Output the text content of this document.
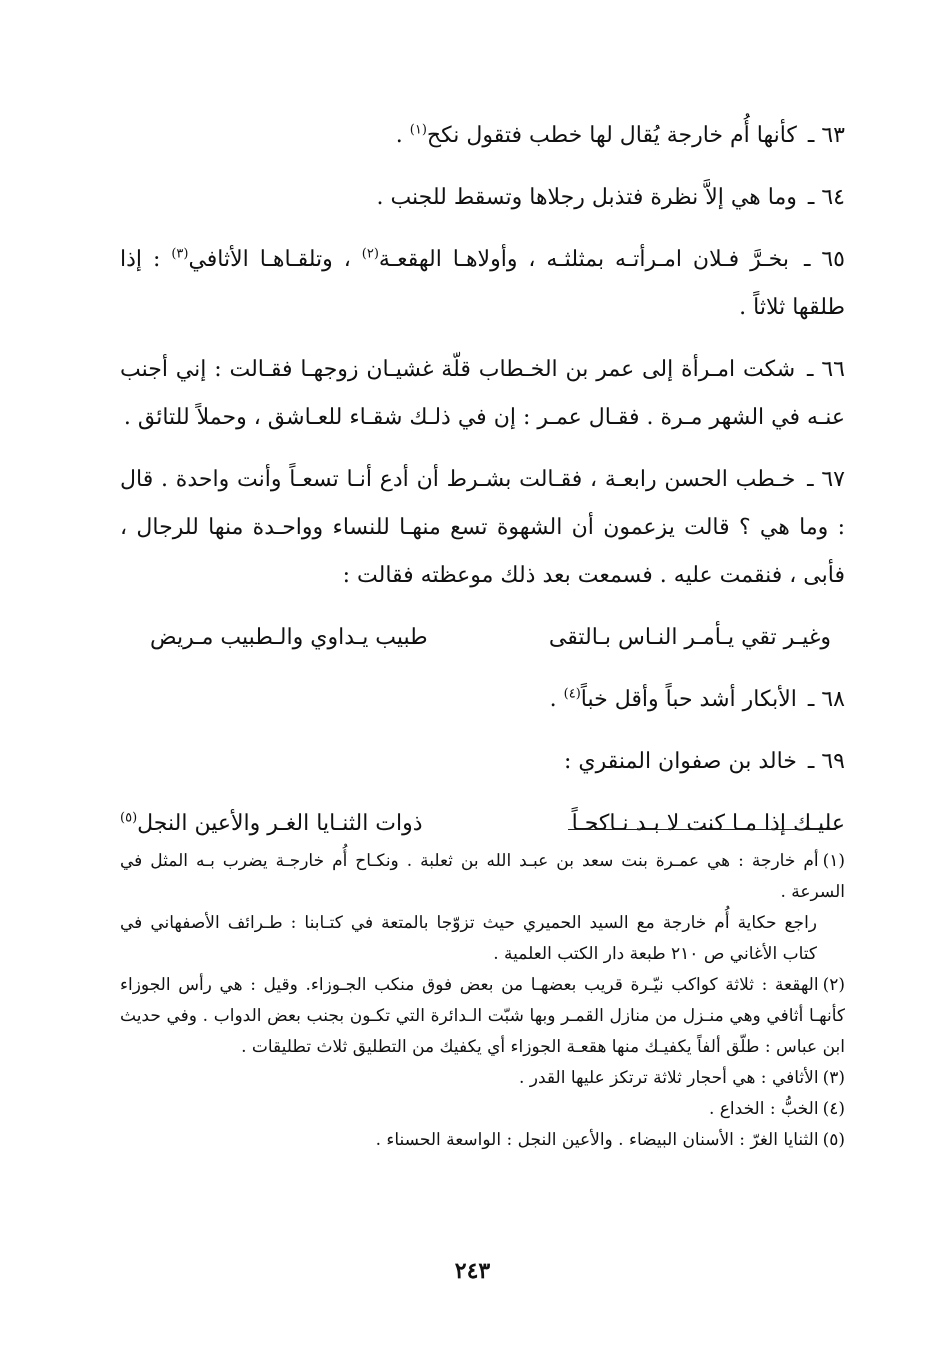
٦٣ ـ كأنها أُم خارجة يُقال لها خطب فتقول نكح$^{(١)}$ .

٦٤ ـ وما هي إلاَّ نظرة فتذبل رجلاها وتسقط للجنب .

٦٥ ـ بخـرَّ فـلان امـرأتـه بمثلثـه ، وأولاهـا الهقعـة$^{(٢)}$ ، وتلقـاهـا الأثافي$^{(٣)}$ : إذا طلقها ثلاثاً .

٦٦ ـ شكت امـرأة إلى عمر بن الخـطاب قلّة غشيـان زوجهـا فقـالت : إني أجنب عنـه في الشهر مـرة . فقـال عمـر : إن في ذلـك شقـاء للعـاشق ، وحملاً للتائق .

٦٧ ـ خـطب الحسن رابعـة ، فقـالت بشـرط أن أدع أنـا تسعـاً وأنت واحدة . قال : وما هي ؟ قالت يزعمون أن الشهوة تسع منهـا للنساء وواحـدة منها للرجال ، فأبى ، فنقمت عليه . فسمعت بعد ذلك موعظته فقالت :

وغيـر تقي يـأمـر النـاس بـالتقى
طبيب يـداوي والـطبيب مـريض

٦٨ ـ الأبكار أشد حباً وأقل خباً$^{(٤)}$ .

٦٩ ـ خالد بن صفوان المنقري :

عليـك إذا مـا كنت لا بـد نـاكحـاً
ذوات الثنـايا الغـر والأعين النجل$^{(٥)}$

(١)أم خارجة : هي عمـرة بنت سعد بن عبـد الله بن ثعلبة . ونكـاح أُم خارجـة يضرب بـه المثل في السرعة .

راجع حكاية أُم خارجة مع السيد الحميري حيث تزوّجا بالمتعة في كتـابنا : طـرائف الأصفهاني في كتاب الأغاني ص ٢١٠ طبعة دار الكتب العلمية .

(٢)الهقعة : ثلاثة كواكب نيّـرة قريب بعضهـا من بعض فوق منكب الجـوزاء. وقيل : هي رأس الجوزاء كأنهـا أثافي وهي منـزل من منازل القمـر وبها شبّت الـدائرة التي تكـون بجنب بعض الدواب . وفي حديث ابن عباس : طلّق ألفاً يكفيـك منها هقعـة الجوزاء أي يكفيك من التطليق ثلاث تطليقات .

(٣)الأثافي : هي أحجار ثلاثة ترتكز عليها القدر .

(٤)الخبُّ : الخداع .

(٥)الثنايا الغرّ : الأسنان البيضاء . والأعين النجل : الواسعة الحسناء .

٢٤٣
